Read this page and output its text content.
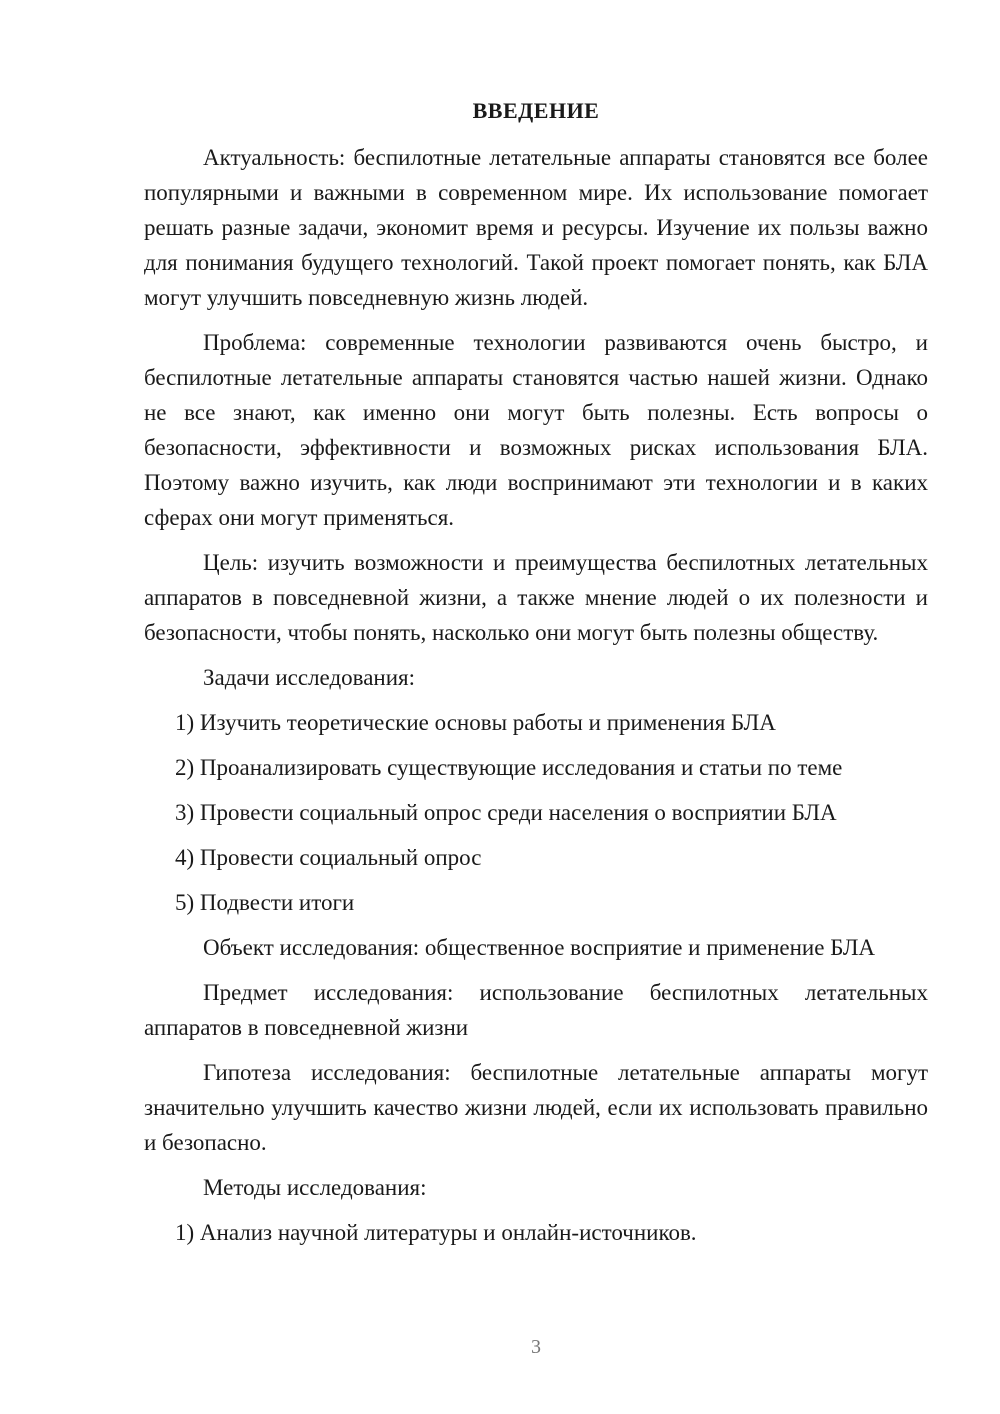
ВВЕДЕНИЕ

Актуальность: беспилотные летательные аппараты становятся все более популярными и важными в современном мире. Их использование помогает решать разные задачи, экономит время и ресурсы. Изучение их пользы важно для понимания будущего технологий. Такой проект помогает понять, как БЛА могут улучшить повседневную жизнь людей.

Проблема: современные технологии развиваются очень быстро, и беспилотные летательные аппараты становятся частью нашей жизни. Однако не все знают, как именно они могут быть полезны. Есть вопросы о безопасности, эффективности и возможных рисках использования БЛА. Поэтому важно изучить, как люди воспринимают эти технологии и в каких сферах они могут применяться.

Цель: изучить возможности и преимущества беспилотных летательных аппаратов в повседневной жизни, а также мнение людей о их полезности и безопасности, чтобы понять, насколько они могут быть полезны обществу.

Задачи исследования:

1) Изучить теоретические основы работы и применения БЛА

2) Проанализировать существующие исследования и статьи по теме

3) Провести социальный опрос среди населения о восприятии БЛА

4) Провести социальный опрос

5) Подвести итоги

Объект исследования: общественное восприятие и применение БЛА

Предмет исследования: использование беспилотных летательных аппаратов в повседневной жизни

Гипотеза исследования: беспилотные летательные аппараты могут значительно улучшить качество жизни людей, если их использовать правильно и безопасно.

Методы исследования:

1) Анализ научной литературы и онлайн-источников.

3
